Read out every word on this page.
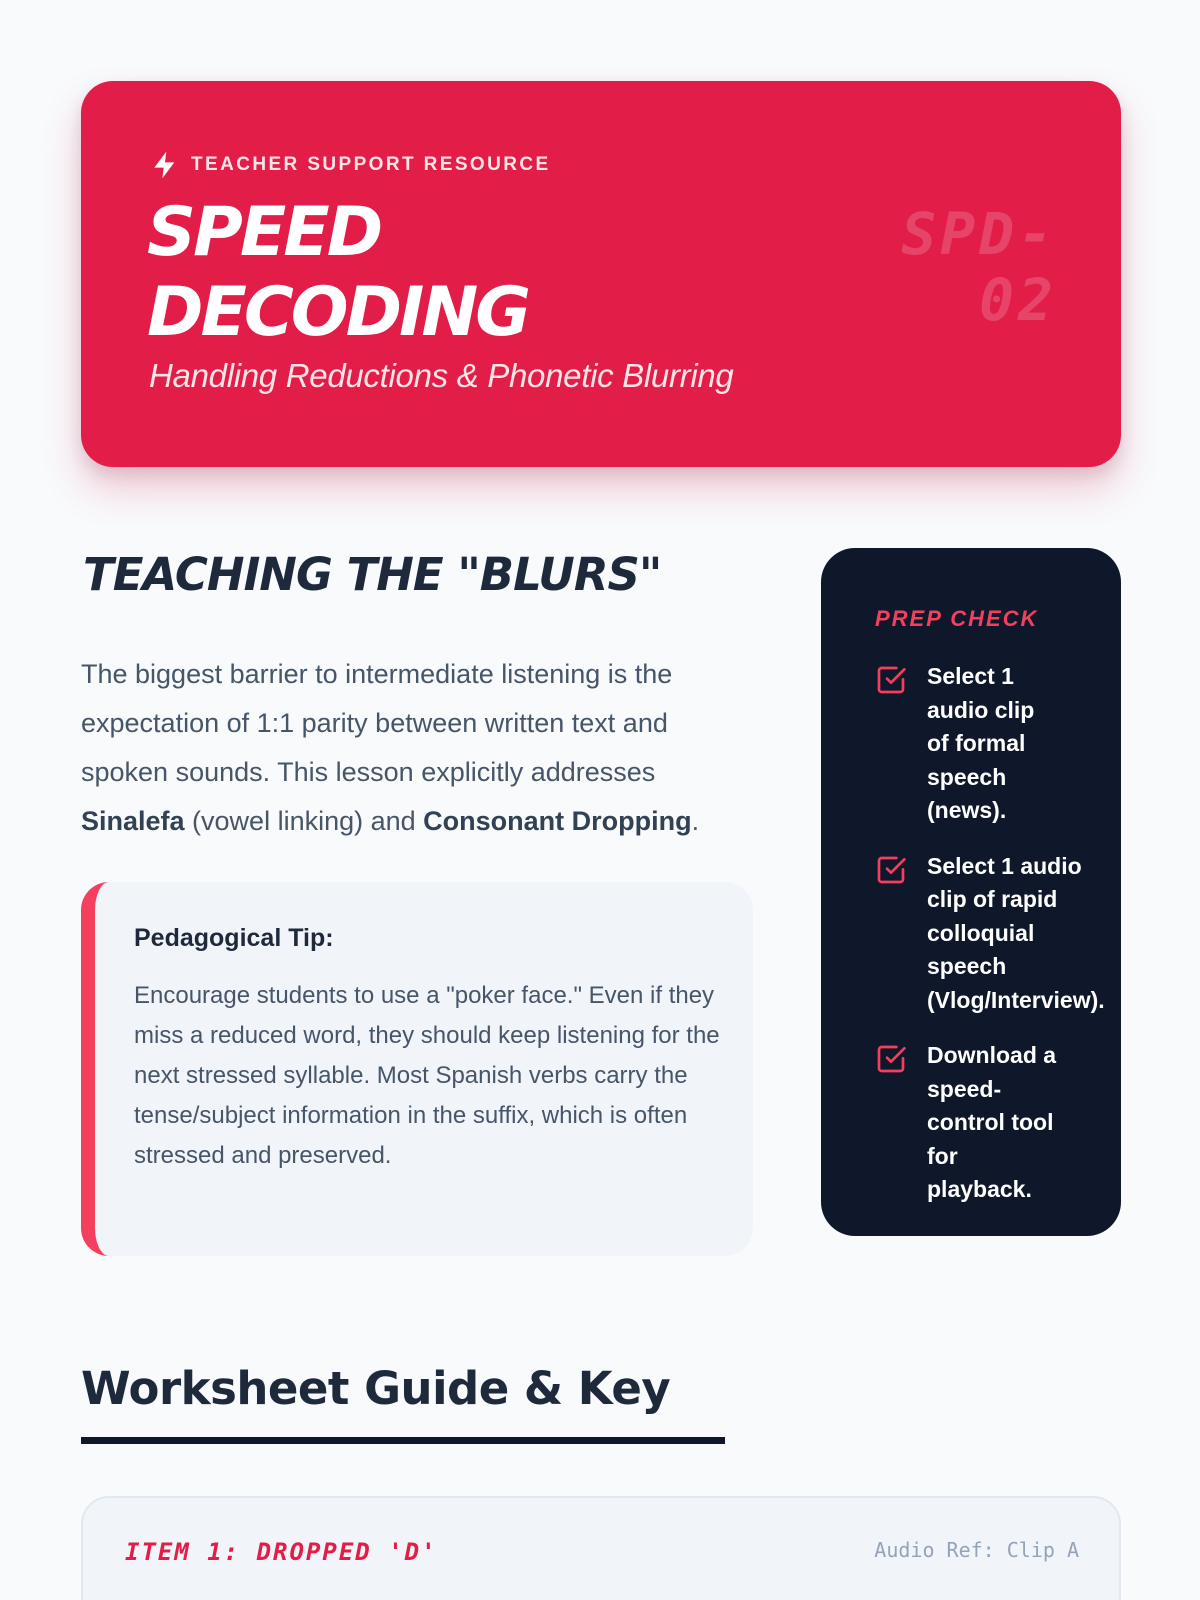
TEACHER SUPPORT RESOURCE
SPEED
DECODING
Handling Reductions & Phonetic Blurring
SPD-
02
TEACHING THE "BLURS"

The biggest barrier to intermediate listening is the expectation of 1:1 parity between written text and spoken sounds. This lesson explicitly addresses Sinalefa (vowel linking) and Consonant Dropping.

Pedagogical Tip:

Encourage students to use a "poker face." Even if they miss a reduced word, they should keep listening for the next stressed syllable. Most Spanish verbs carry the tense/subject information in the suffix, which is often stressed and preserved.

PREP CHECK
Select 1 audio clip of formal speech (news).
Select 1 audio clip of rapid colloquial speech (Vlog/Interview).
Download a speed-control tool for playback.
Worksheet Guide & Key
ITEM 1: DROPPED 'D'	Audio Ref: Clip A
